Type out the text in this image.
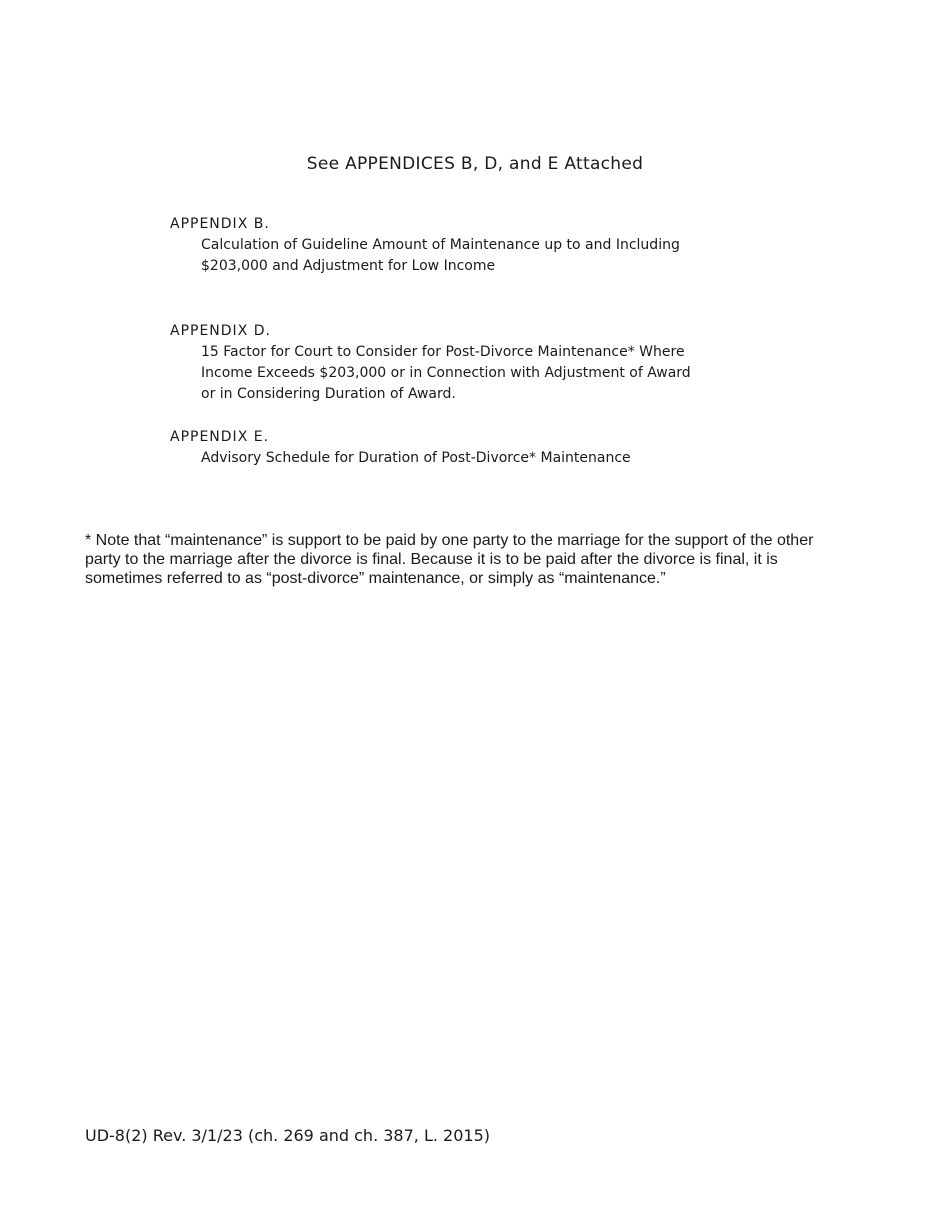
See APPENDICES B, D, and E Attached
APPENDIX B.
Calculation of Guideline Amount of Maintenance up to and Including
$203,000 and Adjustment for Low Income
APPENDIX D.
15 Factor for Court to Consider for Post-Divorce Maintenance* Where
Income Exceeds $203,000 or in Connection with Adjustment of Award
or in Considering Duration of Award.
APPENDIX E.
Advisory Schedule for Duration of Post-Divorce* Maintenance
* Note that “maintenance” is support to be paid by one party to the marriage for the support of the other
party to the marriage after the divorce is final. Because it is to be paid after the divorce is final, it is
sometimes referred to as “post-divorce” maintenance, or simply as “maintenance.”
UD-8(2) Rev. 3/1/23 (ch. 269 and ch. 387, L. 2015)
